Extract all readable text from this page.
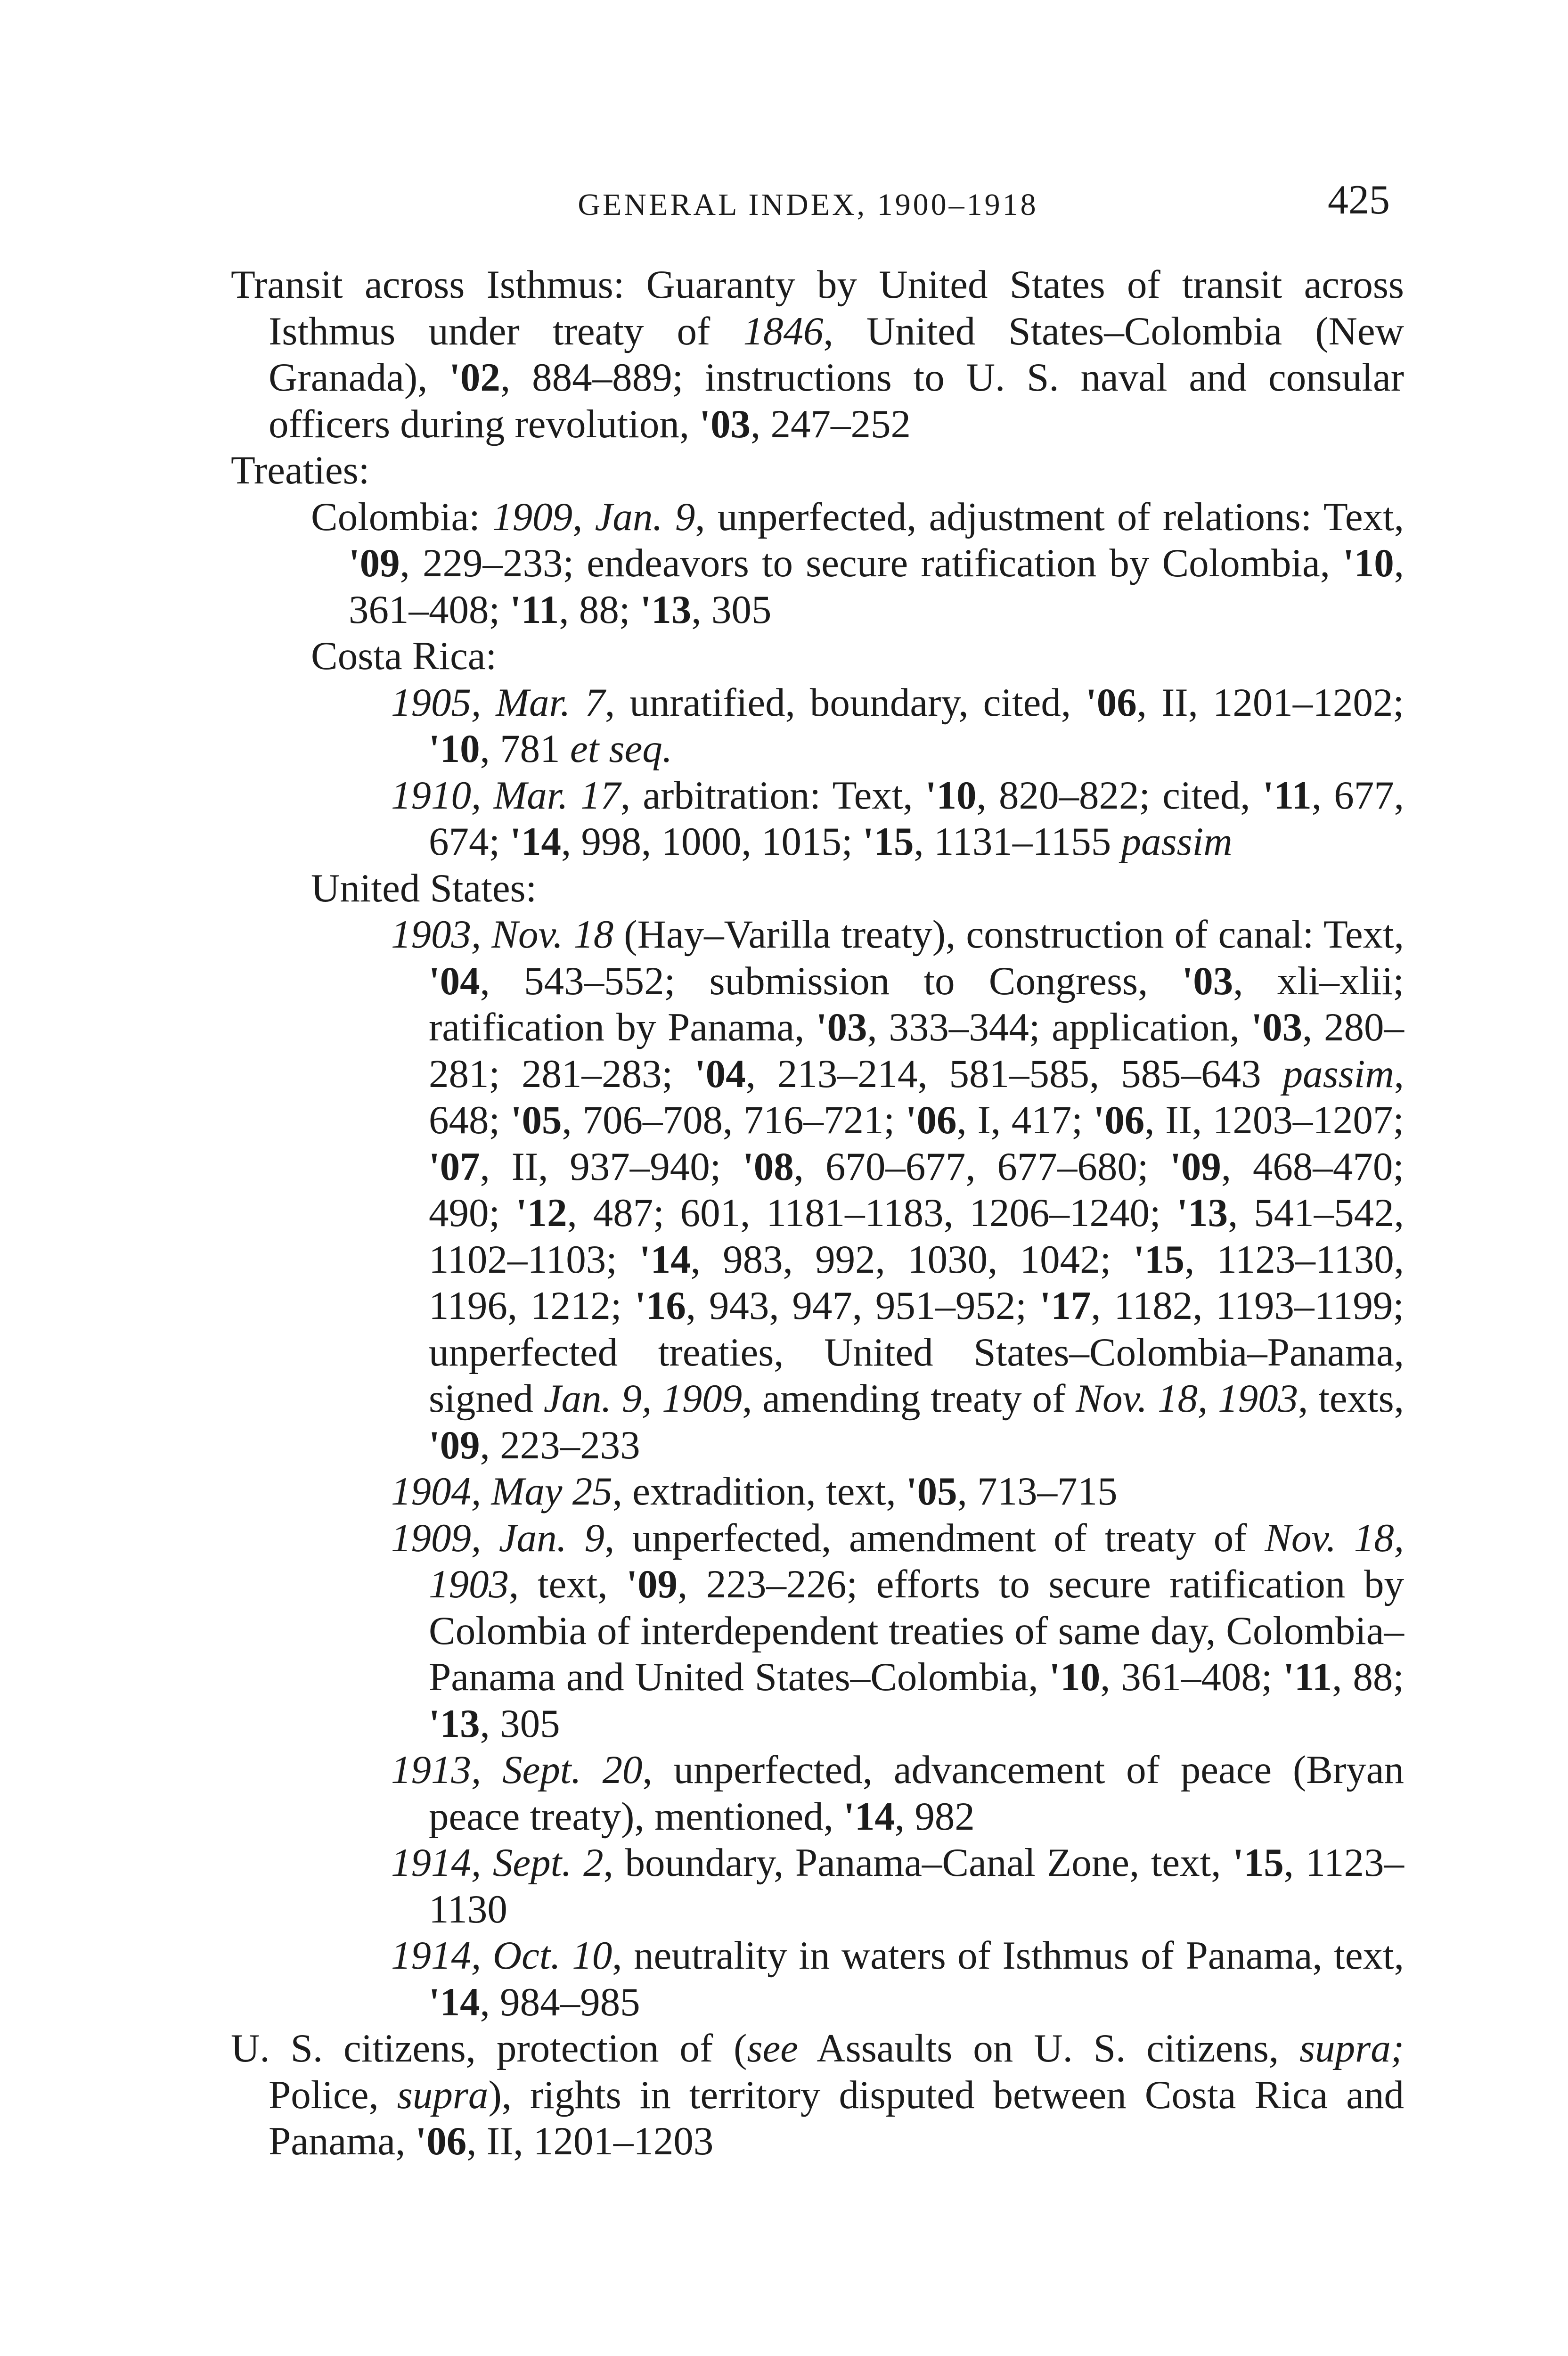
GENERAL INDEX, 1900–1918	425

Transit across Isthmus: Guaranty by United States of transit across Isthmus under treaty of 1846, United States–Colombia (New Granada), '02, 884–889; instructions to U. S. naval and consular officers during revolution, '03, 247–252

Treaties:

Colombia: 1909, Jan. 9, unperfected, adjustment of relations: Text, '09, 229–233; endeavors to secure ratification by Colombia, '10, 361–408; '11, 88; '13, 305

Costa Rica:

1905, Mar. 7, unratified, boundary, cited, '06, II, 1201–1202; '10, 781 et seq.

1910, Mar. 17, arbitration: Text, '10, 820–822; cited, '11, 677, 674; '14, 998, 1000, 1015; '15, 1131–1155 passim

United States:

1903, Nov. 18 (Hay–Varilla treaty), construction of canal: Text, '04, 543–552; submission to Congress, '03, xli–xlii; ratification by Panama, '03, 333–344; application, '03, 280–281; 281–283; '04, 213–214, 581–585, 585–643 passim, 648; '05, 706–708, 716–721; '06, I, 417; '06, II, 1203–1207; '07, II, 937–940; '08, 670–677, 677–680; '09, 468–470; 490; '12, 487; 601, 1181–1183, 1206–1240; '13, 541–542, 1102–1103; '14, 983, 992, 1030, 1042; '15, 1123–1130, 1196, 1212; '16, 943, 947, 951–952; '17, 1182, 1193–1199; unperfected treaties, United States–Colombia–Panama, signed Jan. 9, 1909, amending treaty of Nov. 18, 1903, texts, '09, 223–233

1904, May 25, extradition, text, '05, 713–715

1909, Jan. 9, unperfected, amendment of treaty of Nov. 18, 1903, text, '09, 223–226; efforts to secure ratification by Colombia of interdependent treaties of same day, Colombia–Panama and United States–Colombia, '10, 361–408; '11, 88; '13, 305

1913, Sept. 20, unperfected, advancement of peace (Bryan peace treaty), mentioned, '14, 982

1914, Sept. 2, boundary, Panama–Canal Zone, text, '15, 1123–1130

1914, Oct. 10, neutrality in waters of Isthmus of Panama, text, '14, 984–985

U. S. citizens, protection of (see Assaults on U. S. citizens, supra; Police, supra), rights in territory disputed between Costa Rica and Panama, '06, II, 1201–1203
